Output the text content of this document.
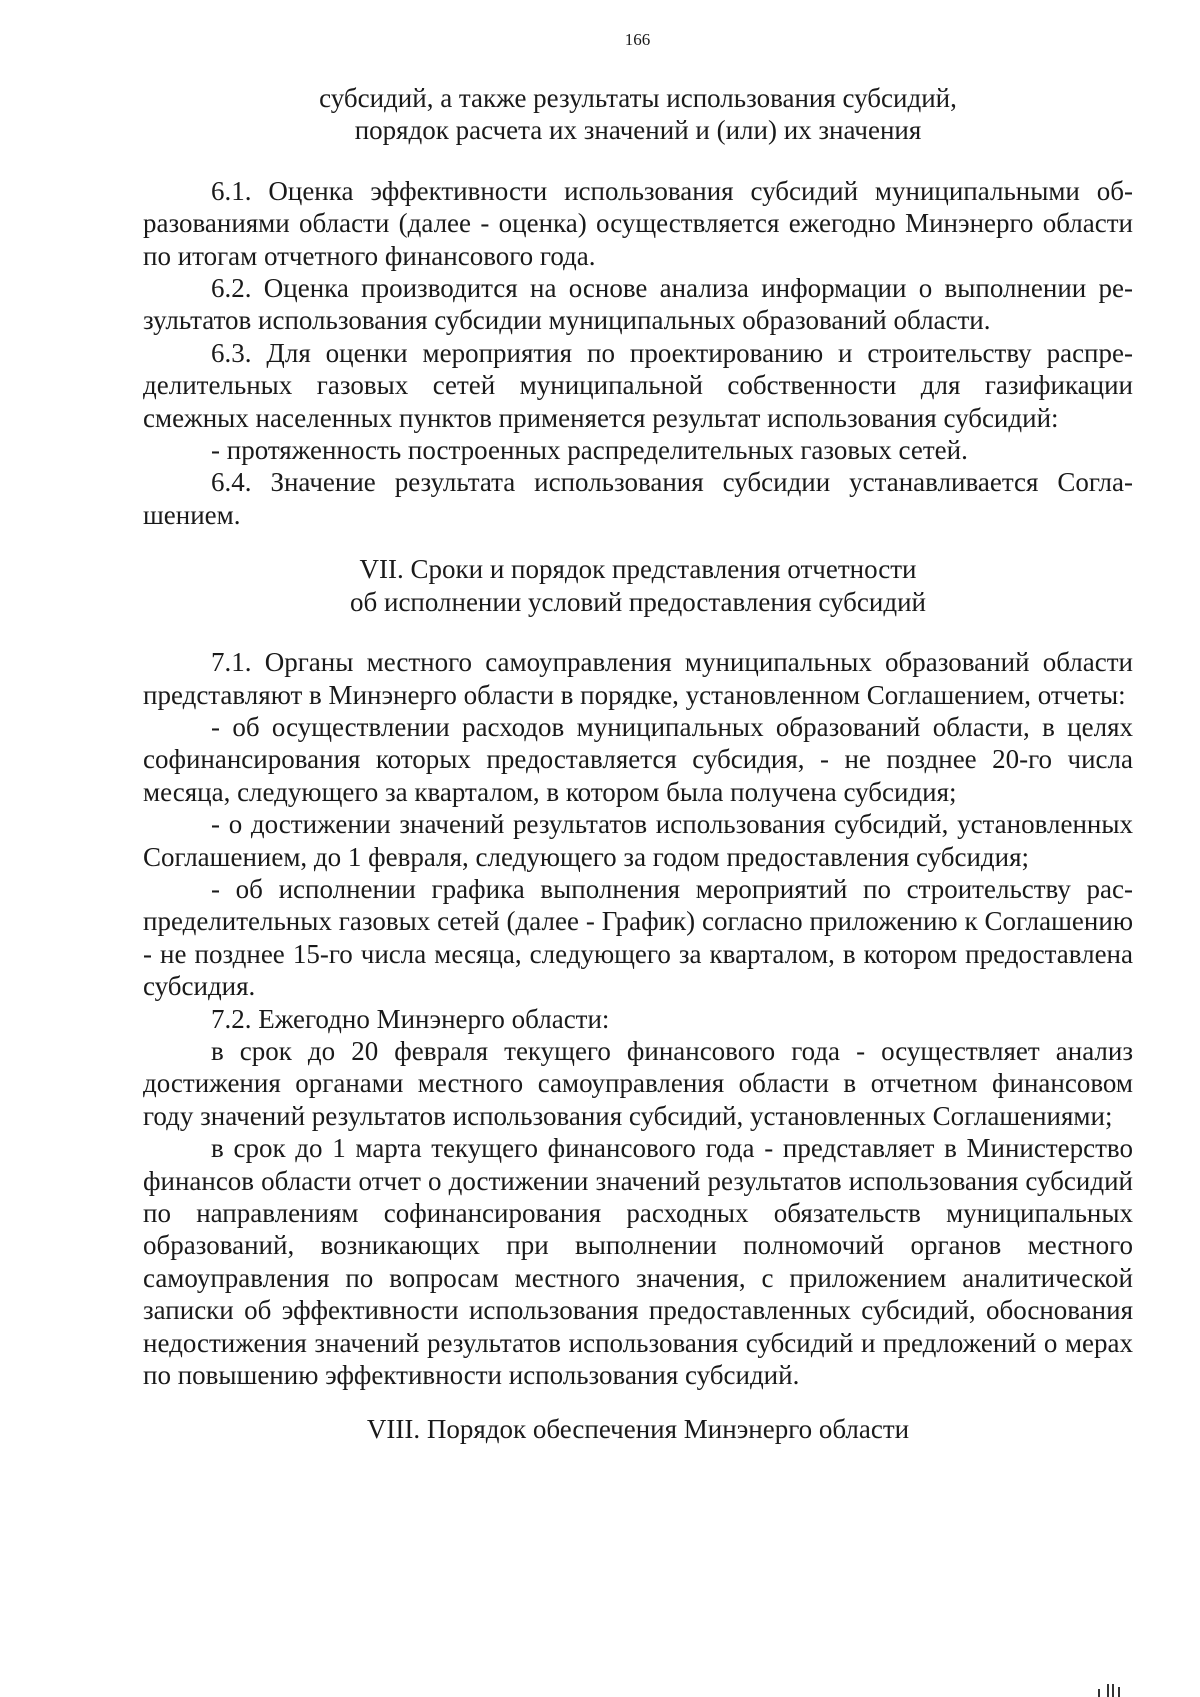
166
субсидий, а также результаты использования субсидий,
порядок расчета их значений и (или) их значения

6.1. Оценка эффективности использования субсидий муниципальными образованиями области (далее - оценка) осуществляется ежегодно Минэнерго области по итогам отчетного финансового года.

6.2. Оценка производится на основе анализа информации о выполнении результатов использования субсидии муниципальных образований области.

6.3. Для оценки мероприятия по проектированию и строительству распределительных газовых сетей муниципальной собственности для газификации смежных населенных пунктов применяется результат использования субсидий:

- протяженность построенных распределительных газовых сетей.

6.4. Значение результата использования субсидии устанавливается Соглашением.

VII. Сроки и порядок представления отчетности
об исполнении условий предоставления субсидий

7.1. Органы местного самоуправления муниципальных образований области представляют в Минэнерго области в порядке, установленном Соглашением, отчеты:

- об осуществлении расходов муниципальных образований области, в целях софинансирования которых предоставляется субсидия, - не позднее 20-го числа месяца, следующего за кварталом, в котором была получена субсидия;

- о достижении значений результатов использования субсидий, установленных Соглашением, до 1 февраля, следующего за годом предоставления субсидия;

- об исполнении графика выполнения мероприятий по строительству распределительных газовых сетей (далее - График) согласно приложению к Соглашению - не позднее 15-го числа месяца, следующего за кварталом, в котором предоставлена субсидия.

7.2. Ежегодно Минэнерго области:

в срок до 20 февраля текущего финансового года - осуществляет анализ достижения органами местного самоуправления области в отчетном финансовом году значений результатов использования субсидий, установленных Соглашениями;

в срок до 1 марта текущего финансового года - представляет в Министерство финансов области отчет о достижении значений результатов использования субсидий по направлениям софинансирования расходных обязательств муниципальных образований, возникающих при выполнении полномочий органов местного самоуправления по вопросам местного значения, с приложением аналитической записки об эффективности использования предоставленных субсидий, обоснования недостижения значений результатов использования субсидий и предложений о мерах по повышению эффективности использования субсидий.

VIII. Порядок обеспечения Минэнерго области
